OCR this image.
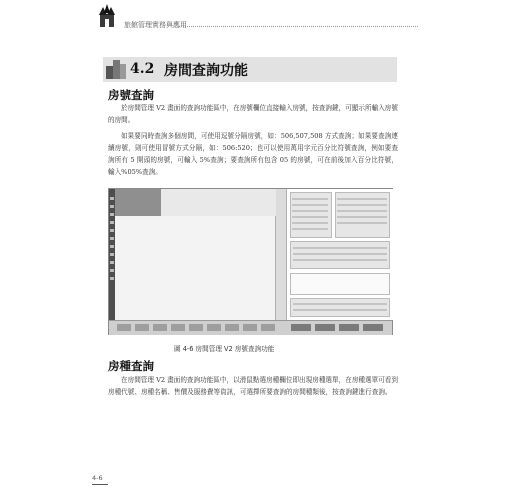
旅館管理實務與應用
4.2 房間查詢功能
房號查詢

於房間管理 V2 畫面的查詢功能區中，在房號欄位直接輸入房號，按查詢鍵，可顯示所輸入房號的房間。

如果要同時查詢多個房間，可使用逗號分隔房號，如：506,507,508 方式查詢；如果要查詢連續房號，則可使用冒號方式分隔，如：506:520；也可以使用萬用字元百分比符號查詢，例如要查詢所有 5 開頭的房號，可輸入 5%查詢；要查詢所有包含 05 的房號，可在前後加入百分比符號，輸入%05%查詢。

圖 4-6 房間管理 V2 房號查詢功能
房種查詢

在房間管理 V2 畫面的查詢功能區中，以滑鼠點選房種欄位即出現房種選單，在房種選單可看到房種代號、房種名稱、售價及服務費等資訊，可選擇所要查詢的房間種類後，按查詢鍵進行查詢。

4-6
